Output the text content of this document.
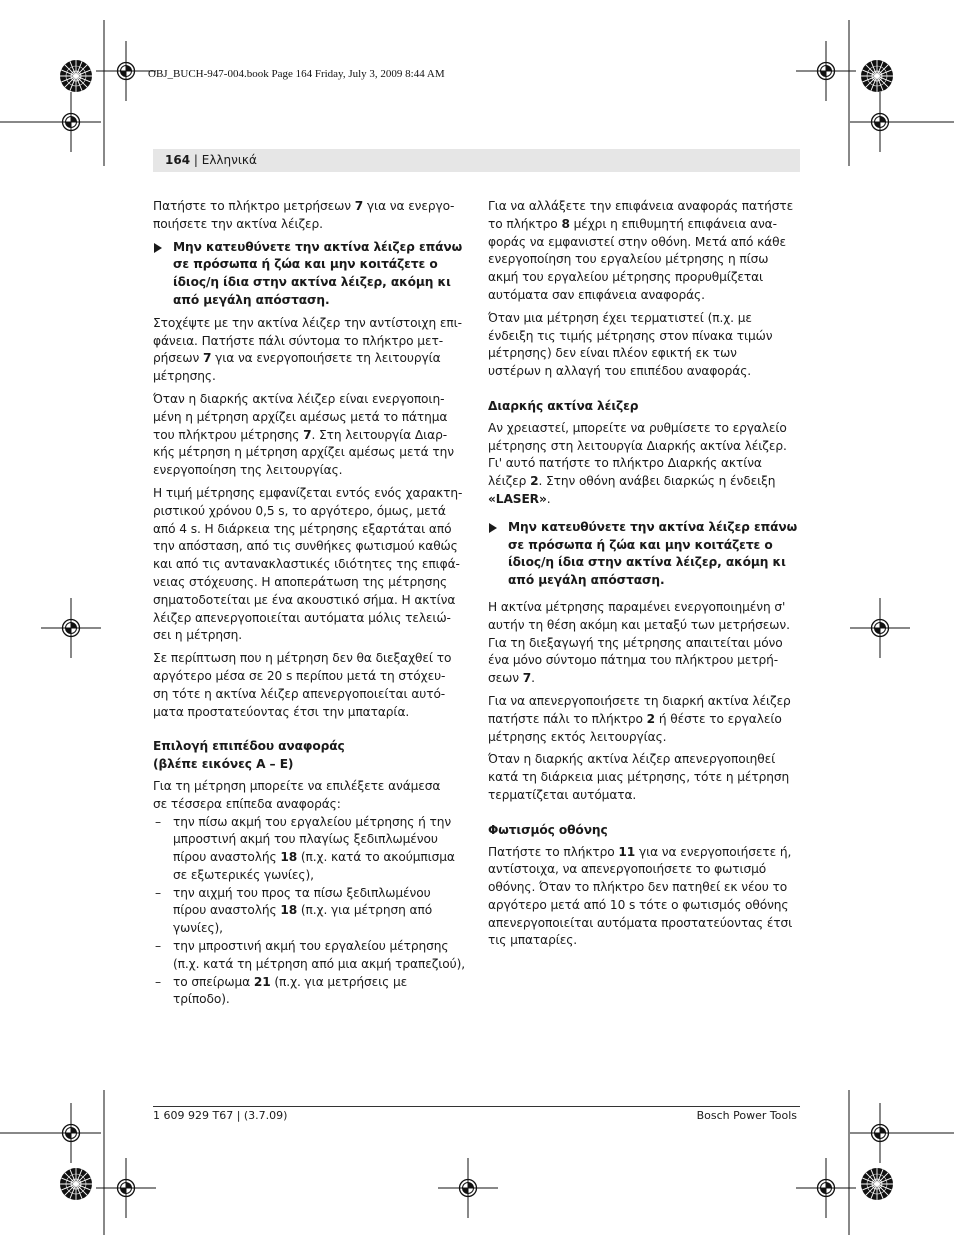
OBJ_BUCH-947-004.book Page 164 Friday, July 3, 2009 8:44 AM
164 | Ελληνικά

Πατήστε το πλήκτρο μετρήσεων 7 για να ενεργο-
ποιήσετε την ακτίνα λέιζερ.

Μην κατευθύνετε την ακτίνα λέιζερ επάνω
σε πρόσωπα ή ζώα και μην κοιτάζετε ο
ίδιος/η ίδια στην ακτίνα λέιζερ, ακόμη κι
από μεγάλη απόσταση.

Στοχέψτε με την ακτίνα λέιζερ την αντίστοιχη επι-
φάνεια. Πατήστε πάλι σύντομα το πλήκτρο μετ-
ρήσεων 7 για να ενεργοποιήσετε τη λειτουργία
μέτρησης.

Όταν η διαρκής ακτίνα λέιζερ είναι ενεργοποιη-
μένη η μέτρηση αρχίζει αμέσως μετά το πάτημα
του πλήκτρου μέτρησης 7. Στη λειτουργία Διαρ-
κής μέτρηση η μέτρηση αρχίζει αμέσως μετά την
ενεργοποίηση της λειτουργίας.

Η τιμή μέτρησης εμφανίζεται εντός ενός χαρακτη-
ριστικού χρόνου 0,5 s, το αργότερο, όμως, μετά
από 4 s. Η διάρκεια της μέτρησης εξαρτάται από
την απόσταση, από τις συνθήκες φωτισμού καθώς
και από τις αντανακλαστικές ιδιότητες της επιφά-
νειας στόχευσης. Η αποπεράτωση της μέτρησης
σηματοδοτείται με ένα ακουστικό σήμα. Η ακτίνα
λέιζερ απενεργοποιείται αυτόματα μόλις τελειώ-
σει η μέτρηση.

Σε περίπτωση που η μέτρηση δεν θα διεξαχθεί το
αργότερο μέσα σε 20 s περίπου μετά τη στόχευ-
ση τότε η ακτίνα λέιζερ απενεργοποιείται αυτό-
ματα προστατεύοντας έτσι την μπαταρία.

Επιλογή επιπέδου αναφοράς
(βλέπε εικόνες A – E)

Για τη μέτρηση μπορείτε να επιλέξετε ανάμεσα
σε τέσσερα επίπεδα αναφοράς:

– την πίσω ακμή του εργαλείου μέτρησης ή την
μπροστινή ακμή του πλαγίως ξεδιπλωμένου
πίρου αναστολής 18 (π.χ. κατά το ακούμπισμα
σε εξωτερικές γωνίες),
– την αιχμή του προς τα πίσω ξεδιπλωμένου
πίρου αναστολής 18 (π.χ. για μέτρηση από
γωνίες),
– την μπροστινή ακμή του εργαλείου μέτρησης
(π.χ. κατά τη μέτρηση από μια ακμή τραπεζιού),
– το σπείρωμα 21 (π.χ. για μετρήσεις με
τρίποδο).

Για να αλλάξετε την επιφάνεια αναφοράς πατήστε
το πλήκτρο 8 μέχρι η επιθυμητή επιφάνεια ανα-
φοράς να εμφανιστεί στην οθόνη. Μετά από κάθε
ενεργοποίηση του εργαλείου μέτρησης η πίσω
ακμή του εργαλείου μέτρησης προρυθμίζεται
αυτόματα σαν επιφάνεια αναφοράς.

Όταν μια μέτρηση έχει τερματιστεί (π.χ. με
ένδειξη τις τιμής μέτρησης στον πίνακα τιμών
μέτρησης) δεν είναι πλέον εφικτή εκ των
υστέρων η αλλαγή του επιπέδου αναφοράς.

Διαρκής ακτίνα λέιζερ

Αν χρειαστεί, μπορείτε να ρυθμίσετε το εργαλείο
μέτρησης στη λειτουργία Διαρκής ακτίνα λέιζερ.
Γι' αυτό πατήστε το πλήκτρο Διαρκής ακτίνα
λέιζερ 2. Στην οθόνη ανάβει διαρκώς η ένδειξη
«LASER».

Μην κατευθύνετε την ακτίνα λέιζερ επάνω
σε πρόσωπα ή ζώα και μην κοιτάζετε ο
ίδιος/η ίδια στην ακτίνα λέιζερ, ακόμη κι
από μεγάλη απόσταση.

Η ακτίνα μέτρησης παραμένει ενεργοποιημένη σ'
αυτήν τη θέση ακόμη και μεταξύ των μετρήσεων.
Για τη διεξαγωγή της μέτρησης απαιτείται μόνο
ένα μόνο σύντομο πάτημα του πλήκτρου μετρή-
σεων 7.

Για να απενεργοποιήσετε τη διαρκή ακτίνα λέιζερ
πατήστε πάλι το πλήκτρο 2 ή θέστε το εργαλείο
μέτρησης εκτός λειτουργίας.

Όταν η διαρκής ακτίνα λέιζερ απενεργοποιηθεί
κατά τη διάρκεια μιας μέτρησης, τότε η μέτρηση
τερματίζεται αυτόματα.

Φωτισμός οθόνης

Πατήστε το πλήκτρο 11 για να ενεργοποιήσετε ή,
αντίστοιχα, να απενεργοποιήσετε το φωτισμό
οθόνης. Όταν το πλήκτρο δεν πατηθεί εκ νέου το
αργότερο μετά από 10 s τότε ο φωτισμός οθόνης
απενεργοποιείται αυτόματα προστατεύοντας έτσι
τις μπαταρίες.

1 609 929 T67 | (3.7.09)	Bosch Power Tools
